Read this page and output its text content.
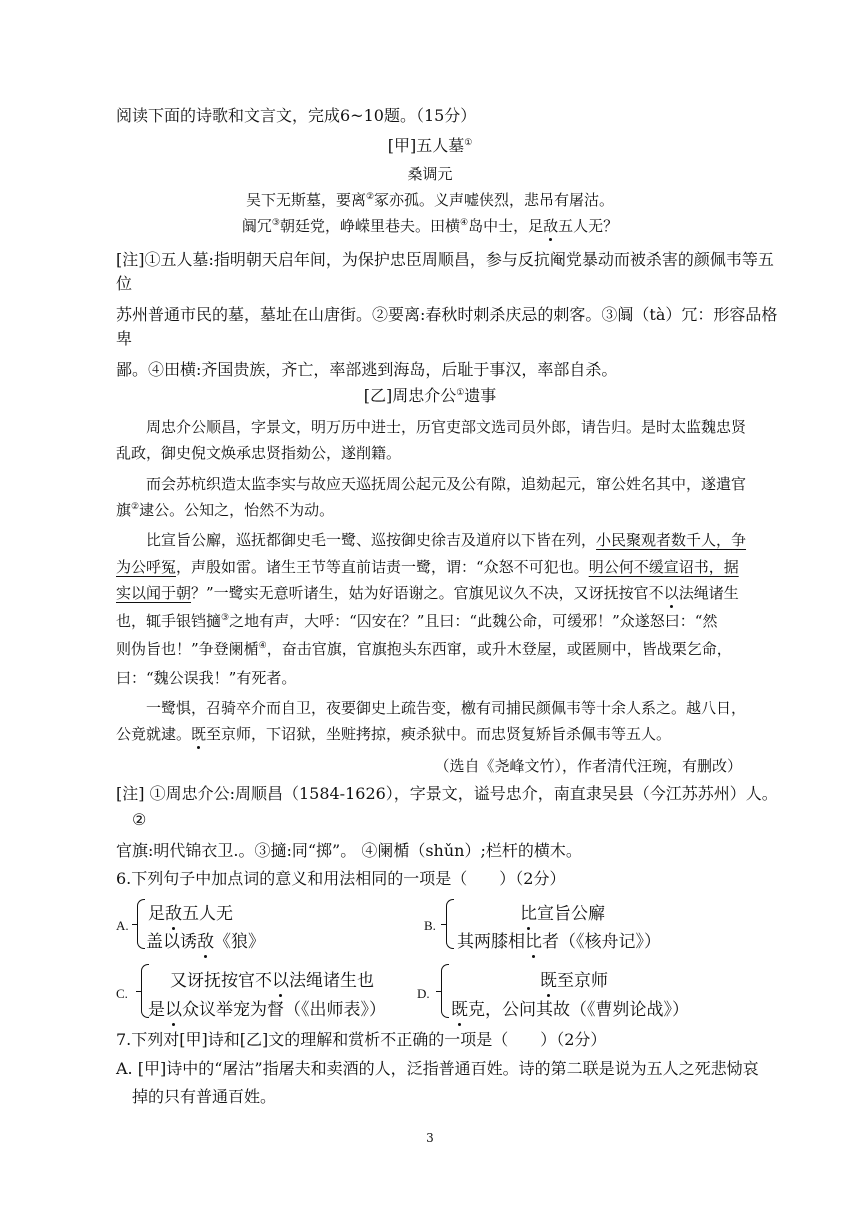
阅读下面的诗歌和文言文，完成6~10题。（15分）
[甲]五人墓①
桑调元
吴下无斯墓，要离②冢亦孤。义声嘘侠烈，悲吊有屠沽。
阘冗③朝廷党，峥嵘里巷夫。田横④岛中士，足敌五人无？
[注]①五人墓:指明朝天启年间，为保护忠臣周顺昌，参与反抗阉党暴动而被杀害的颜佩韦等五
位
苏州普通市民的墓，墓址在山唐街。②要离:春秋时刺杀庆忌的刺客。③阘（tà）冗：形容品格
卑
鄙。④田横:齐国贵族，齐亡，率部逃到海岛，后耻于事汉，率部自杀。
[乙]周忠介公①遗事
周忠介公顺昌，字景文，明万历中进士，历官吏部文选司员外郎，请告归。是时太监魏忠贤
乱政，御史倪文焕承忠贤指劾公，遂削籍。
而会苏杭织造太监李实与故应天巡抚周公起元及公有隙，追劾起元，窜公姓名其中，遂遣官
旗②逮公。公知之，怡然不为动。
比宣旨公廨，巡抚都御史毛一鹭、巡按御史徐吉及道府以下皆在列，小民聚观者数千人，争
为公呼冤，声殷如雷。诸生王节等直前诘责一鹭，谓：“众怒不可犯也。明公何不缓宣诏书，据
实以闻于朝？”一鹭实无意听诸生，姑为好语谢之。官旗见议久不决，又讶抚按官不以法绳诸生
也，辄手银铛擿③之地有声，大呼：“囚安在？”且曰：“此魏公命，可缓邪！”众遂怒曰：“然
则伪旨也！”争登阑楯④，奋击官旗，官旗抱头东西窜，或升木登屋，或匿厕中，皆战栗乞命，
曰：“魏公误我！”有死者。
一鹭惧，召骑卒介而自卫，夜要御史上疏告变，檄有司捕民颜佩韦等十余人系之。越八日，
公竟就逮。既至京师，下诏狱，坐赃拷掠，瘐杀狱中。而忠贤复矫旨杀佩韦等五人。
（选自《尧峰文竹），作者清代汪琬，有删改）
[注] ①周忠介公:周顺昌（1584-1626），字景文，谥号忠介，南直隶吴县（今江苏苏州）人。
②
官旗:明代锦衣卫.。③擿:同“掷”。 ④阑楯（shǔn）;栏杆的横木。
6.下列句子中加点词的意义和用法相同的一项是（　　）（2分）
A.
足敌五人无
盖以诱敌《狼》
B.
比宣旨公廨
其两膝相比者（《核舟记》）
C.
又讶抚按官不以法绳诸生也
是以众议举宠为督（《出师表》）
D.
既至京师
既克，公问其故（《曹刿论战》）
7.下列对[甲]诗和[乙]文的理解和赏析不正确的一项是（　　）（2分）
A. [甲]诗中的“屠沽”指屠夫和卖酒的人，泛指普通百姓。诗的第二联是说为五人之死悲恸哀
掉的只有普通百姓。
3
